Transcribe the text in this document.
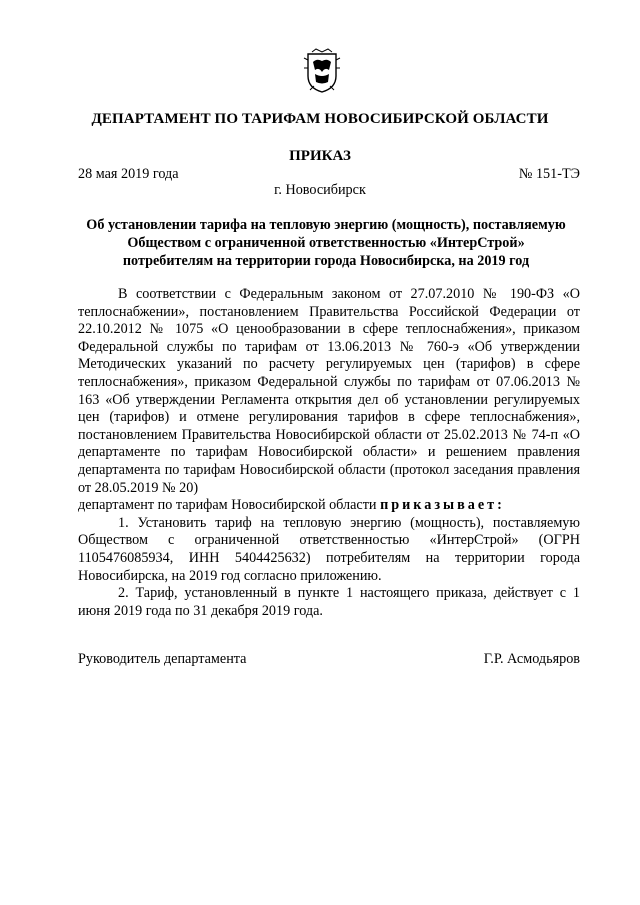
ДЕПАРТАМЕНТ ПО ТАРИФАМ НОВОСИБИРСКОЙ ОБЛАСТИ
ПРИКАЗ
28 мая 2019 года	№ 151-ТЭ
г. Новосибирск
Об установлении тарифа на тепловую энергию (мощность), поставляемую Обществом с ограниченной ответственностью «ИнтерСтрой» потребителям на территории города Новосибирска, на 2019 год

В соответствии с Федеральным законом от 27.07.2010 № 190-ФЗ «О теплоснабжении», постановлением Правительства Российской Федерации от 22.10.2012 № 1075 «О ценообразовании в сфере теплоснабжения», приказом Федеральной службы по тарифам от 13.06.2013 № 760-э «Об утверждении Методических указаний по расчету регулируемых цен (тарифов) в сфере теплоснабжения», приказом Федеральной службы по тарифам от 07.06.2013 № 163 «Об утверждении Регламента открытия дел об установлении регулируемых цен (тарифов) и отмене регулирования тарифов в сфере теплоснабжения», постановлением Правительства Новосибирской области от 25.02.2013 № 74-п «О департаменте по тарифам Новосибирской области» и решением правления департамента по тарифам Новосибирской области (протокол заседания правления от 28.05.2019 № 20)

департамент по тарифам Новосибирской области приказывает:

1. Установить тариф на тепловую энергию (мощность), поставляемую Обществом с ограниченной ответственностью «ИнтерСтрой» (ОГРН 1105476085934, ИНН 5404425632) потребителям на территории города Новосибирска, на 2019 год согласно приложению.

2. Тариф, установленный в пункте 1 настоящего приказа, действует с 1 июня 2019 года по 31 декабря 2019 года.

Руководитель департамента	Г.Р. Асмодьяров
